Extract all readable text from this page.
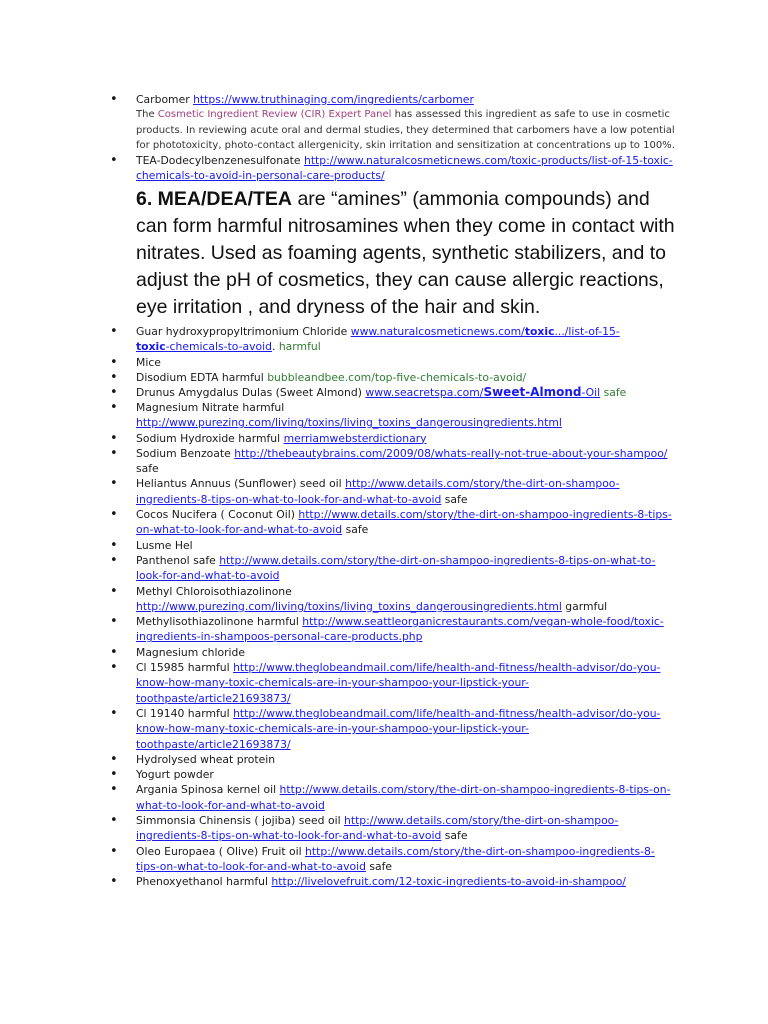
• Carbomer https://www.truthinaging.com/ingredients/carbomer
The Cosmetic Ingredient Review (CIR) Expert Panel has assessed this ingredient as safe to use in cosmetic products. In reviewing acute oral and dermal studies, they determined that carbomers have a low potential for phototoxicity, photo-contact allergenicity, skin irritation and sensitization at concentrations up to 100%.
• TEA-Dodecylbenzenesulfonate http://www.naturalcosmeticnews.com/toxic-products/list-of-15-toxic-chemicals-to-avoid-in-personal-care-products/

6. MEA/DEA/TEA are “amines” (ammonia compounds) and can form harmful nitrosamines when they come in contact with nitrates. Used as foaming agents, synthetic stabilizers, and to adjust the pH of cosmetics, they can cause allergic reactions, eye irritation , and dryness of the hair and skin.

• Guar hydroxypropyltrimonium Chloride www.naturalcosmeticnews.com/toxic.../list-of-15-
toxic-chemicals-to-avoid. harmful
• Mice
• Disodium EDTA harmful bubbleandbee.com/top-five-chemicals-to-avoid/
• Drunus Amygdalus Dulas (Sweet Almond) www.seacretspa.com/Sweet-Almond-Oil safe
• Magnesium Nitrate harmful http://www.purezing.com/living/toxins/living_toxins_dangerousingredients.html
• Sodium Hydroxide harmful merriamwebsterdictionary
• Sodium Benzoate http://thebeautybrains.com/2009/08/whats-really-not-true-about-your-shampoo/ safe
• Heliantus Annuus (Sunflower) seed oil http://www.details.com/story/the-dirt-on-shampoo-ingredients-8-tips-on-what-to-look-for-and-what-to-avoid safe
• Cocos Nucifera ( Coconut Oil) http://www.details.com/story/the-dirt-on-shampoo-ingredients-8-tips-on-what-to-look-for-and-what-to-avoid safe
• Lusme Hel
• Panthenol safe http://www.details.com/story/the-dirt-on-shampoo-ingredients-8-tips-on-what-to-look-for-and-what-to-avoid
• Methyl Chloroisothiazolinone http://www.purezing.com/living/toxins/living_toxins_dangerousingredients.html garmful
• Methylisothiazolinone harmful http://www.seattleorganicrestaurants.com/vegan-whole-food/toxic-ingredients-in-shampoos-personal-care-products.php
• Magnesium chloride
• Cl 15985 harmful http://www.theglobeandmail.com/life/health-and-fitness/health-advisor/do-you-know-how-many-toxic-chemicals-are-in-your-shampoo-your-lipstick-your-toothpaste/article21693873/
• Cl 19140 harmful http://www.theglobeandmail.com/life/health-and-fitness/health-advisor/do-you-know-how-many-toxic-chemicals-are-in-your-shampoo-your-lipstick-your-toothpaste/article21693873/
• Hydrolysed wheat protein
• Yogurt powder
• Argania Spinosa kernel oil http://www.details.com/story/the-dirt-on-shampoo-ingredients-8-tips-on-what-to-look-for-and-what-to-avoid
• Simmonsia Chinensis ( jojiba) seed oil http://www.details.com/story/the-dirt-on-shampoo-ingredients-8-tips-on-what-to-look-for-and-what-to-avoid safe
• Oleo Europaea ( Olive) Fruit oil http://www.details.com/story/the-dirt-on-shampoo-ingredients-8-tips-on-what-to-look-for-and-what-to-avoid safe
• Phenoxyethanol harmful http://livelovefruit.com/12-toxic-ingredients-to-avoid-in-shampoo/
